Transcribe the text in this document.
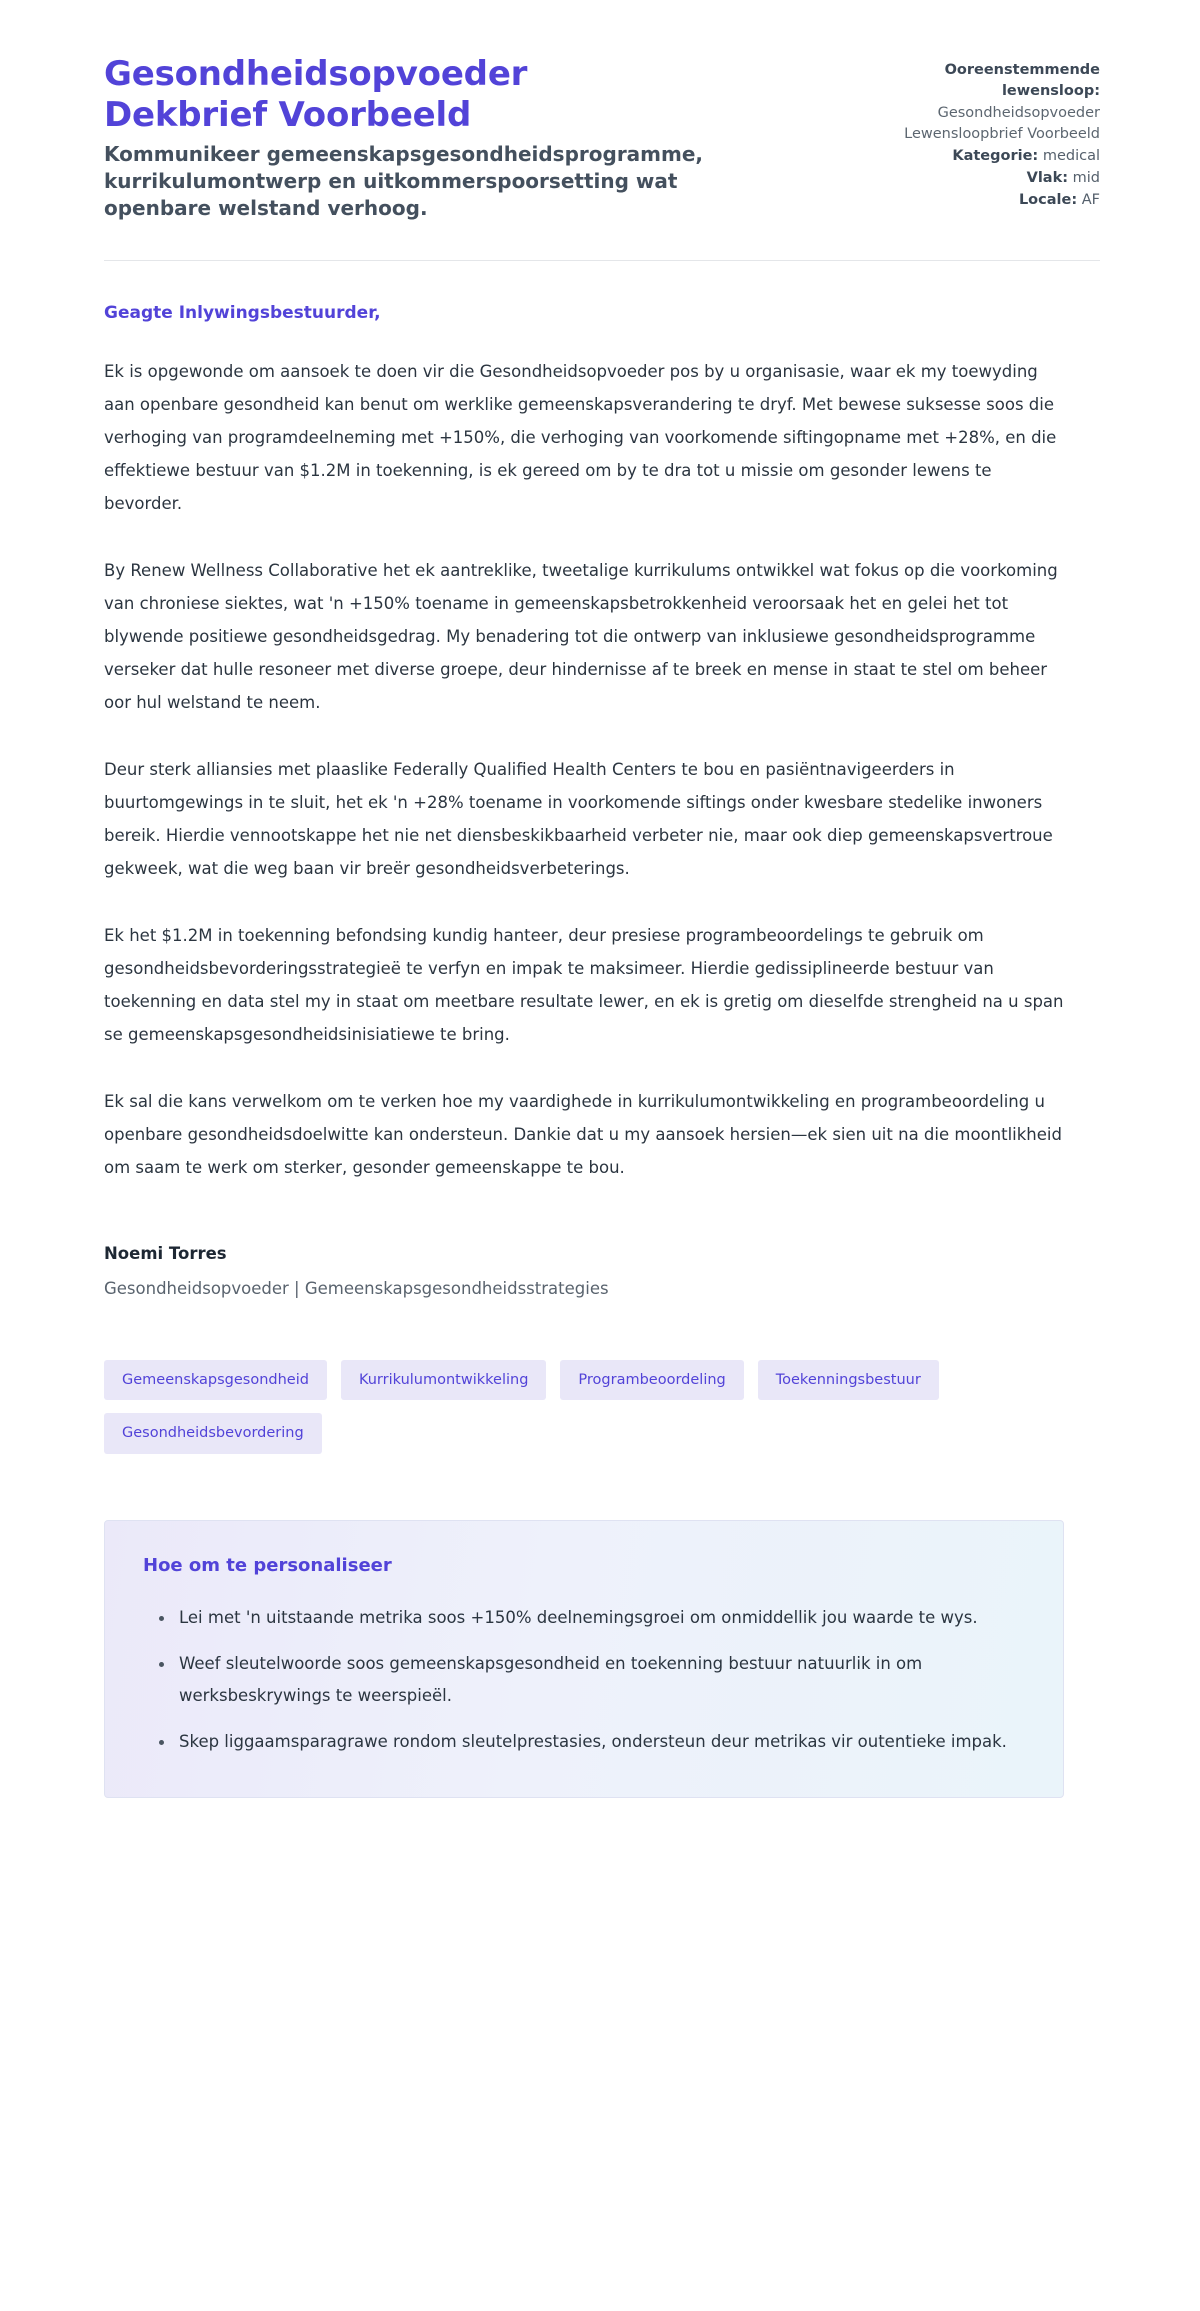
Gesondheidsopvoeder Dekbrief Voorbeeld
Kommunikeer gemeenskapsgesondheidsprogramme, kurrikulumontwerp en uitkommerspoorsetting wat openbare welstand verhoog.
Ooreenstemmende lewensloop:
Gesondheidsopvoeder Lewensloopbrief Voorbeeld
Kategorie: medical
Vlak: mid
Locale: AF
Geagte Inlywingsbestuurder,

Ek is opgewonde om aansoek te doen vir die Gesondheidsopvoeder pos by u organisasie, waar ek my toewyding aan openbare gesondheid kan benut om werklike gemeenskapsverandering te dryf. Met bewese suksesse soos die verhoging van programdeelneming met +150%, die verhoging van voorkomende siftingopname met +28%, en die effektiewe bestuur van $1.2M in toekenning, is ek gereed om by te dra tot u missie om gesonder lewens te bevorder.

By Renew Wellness Collaborative het ek aantreklike, tweetalige kurrikulums ontwikkel wat fokus op die voorkoming van chroniese siektes, wat 'n +150% toename in gemeenskapsbetrokkenheid veroorsaak het en gelei het tot blywende positiewe gesondheidsgedrag. My benadering tot die ontwerp van inklusiewe gesondheidsprogramme verseker dat hulle resoneer met diverse groepe, deur hindernisse af te breek en mense in staat te stel om beheer oor hul welstand te neem.

Deur sterk alliansies met plaaslike Federally Qualified Health Centers te bou en pasiëntnavigeerders in buurtomgewings in te sluit, het ek 'n +28% toename in voorkomende siftings onder kwesbare stedelike inwoners bereik. Hierdie vennootskappe het nie net diensbeskikbaarheid verbeter nie, maar ook diep gemeenskapsvertroue gekweek, wat die weg baan vir breër gesondheidsverbeterings.

Ek het $1.2M in toekenning befondsing kundig hanteer, deur presiese programbeoordelings te gebruik om gesondheidsbevorderingsstrategieë te verfyn en impak te maksimeer. Hierdie gedissiplineerde bestuur van toekenning en data stel my in staat om meetbare resultate lewer, en ek is gretig om dieselfde strengheid na u span se gemeenskapsgesondheidsinisiatiewe te bring.

Ek sal die kans verwelkom om te verken hoe my vaardighede in kurrikulumontwikkeling en programbeoordeling u openbare gesondheidsdoelwitte kan ondersteun. Dankie dat u my aansoek hersien—ek sien uit na die moontlikheid om saam te werk om sterker, gesonder gemeenskappe te bou.

Noemi Torres
Gesondheidsopvoeder | Gemeenskapsgesondheidsstrategies
Gemeenskapsgesondheid	Kurrikulumontwikkeling	Programbeoordeling	Toekenningsbestuur
Gesondheidsbevordering
Hoe om te personaliseer
Lei met 'n uitstaande metrika soos +150% deelnemingsgroei om onmiddellik jou waarde te wys.
Weef sleutelwoorde soos gemeenskapsgesondheid en toekenning bestuur natuurlik in om werksbeskrywings te weerspieël.
Skep liggaamsparagrawe rondom sleutelprestasies, ondersteun deur metrikas vir outentieke impak.
